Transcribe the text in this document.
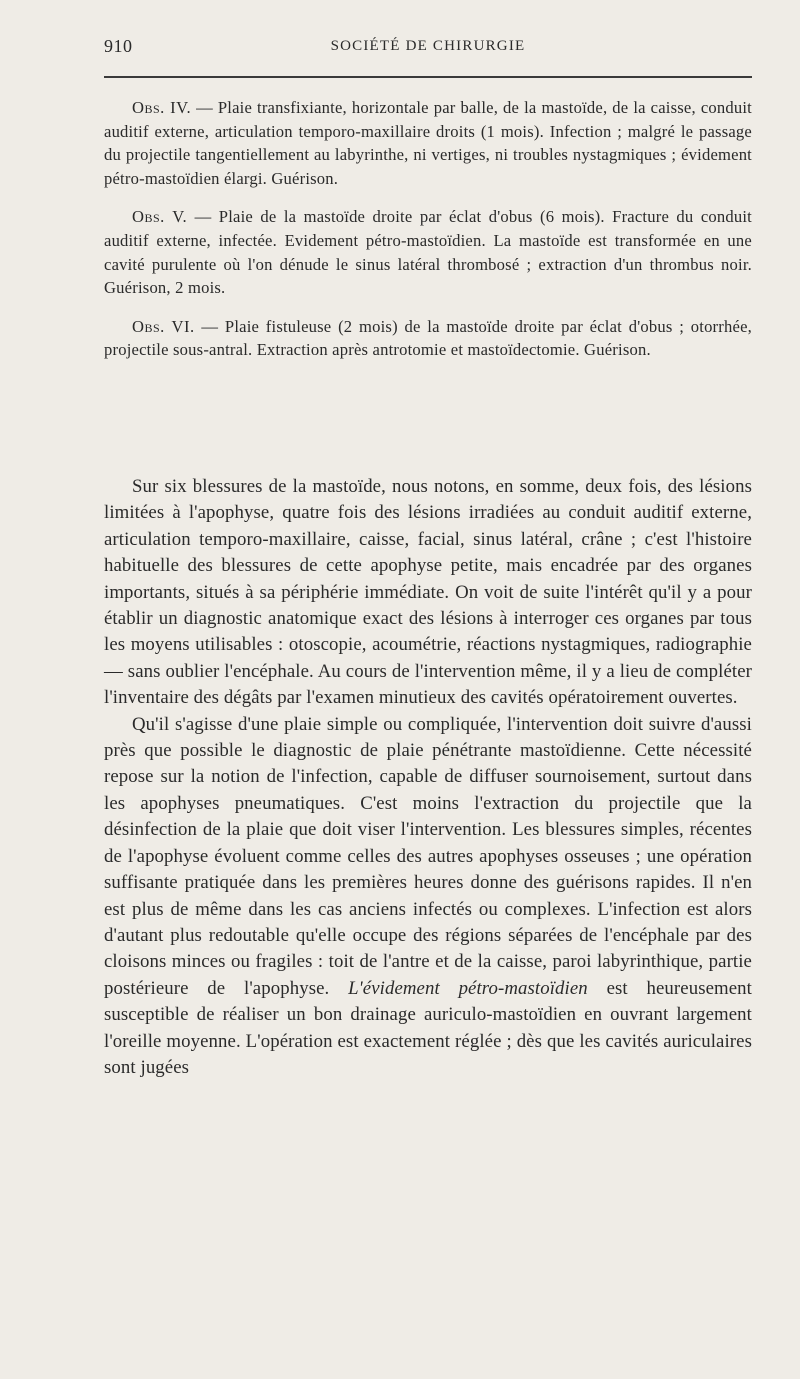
910	SOCIÉTÉ DE CHIRURGIE

Obs. IV. — Plaie transfixiante, horizontale par balle, de la mastoïde, de la caisse, conduit auditif externe, articulation temporo-maxillaire droits (1 mois). Infection ; malgré le passage du projectile tangentiellement au labyrinthe, ni vertiges, ni troubles nystagmiques ; évidement pétro-mastoïdien élargi. Guérison.

Obs. V. — Plaie de la mastoïde droite par éclat d'obus (6 mois). Fracture du conduit auditif externe, infectée. Evidement pétro-mastoïdien. La mastoïde est transformée en une cavité purulente où l'on dénude le sinus latéral thrombosé ; extraction d'un thrombus noir. Guérison, 2 mois.

Obs. VI. — Plaie fistuleuse (2 mois) de la mastoïde droite par éclat d'obus ; otorrhée, projectile sous-antral. Extraction après antrotomie et mastoïdectomie. Guérison.

Sur six blessures de la mastoïde, nous notons, en somme, deux fois, des lésions limitées à l'apophyse, quatre fois des lésions irradiées au conduit auditif externe, articulation temporo-maxillaire, caisse, facial, sinus latéral, crâne ; c'est l'histoire habituelle des blessures de cette apophyse petite, mais encadrée par des organes importants, situés à sa périphérie immédiate. On voit de suite l'intérêt qu'il y a pour établir un diagnostic anatomique exact des lésions à interroger ces organes par tous les moyens utilisables : otoscopie, acoumétrie, réactions nystagmiques, radiographie — sans oublier l'encéphale. Au cours de l'intervention même, il y a lieu de compléter l'inventaire des dégâts par l'examen minutieux des cavités opératoirement ouvertes.

Qu'il s'agisse d'une plaie simple ou compliquée, l'intervention doit suivre d'aussi près que possible le diagnostic de plaie pénétrante mastoïdienne. Cette nécessité repose sur la notion de l'infection, capable de diffuser sournoisement, surtout dans les apophyses pneumatiques. C'est moins l'extraction du projectile que la désinfection de la plaie que doit viser l'intervention. Les blessures simples, récentes de l'apophyse évoluent comme celles des autres apophyses osseuses ; une opération suffisante pratiquée dans les premières heures donne des guérisons rapides. Il n'en est plus de même dans les cas anciens infectés ou complexes. L'infection est alors d'autant plus redoutable qu'elle occupe des régions séparées de l'encéphale par des cloisons minces ou fragiles : toit de l'antre et de la caisse, paroi labyrinthique, partie postérieure de l'apophyse. L'évidement pétro-mastoïdien est heureusement susceptible de réaliser un bon drainage auriculo-mastoïdien en ouvrant largement l'oreille moyenne. L'opération est exactement réglée ; dès que les cavités auriculaires sont jugées
